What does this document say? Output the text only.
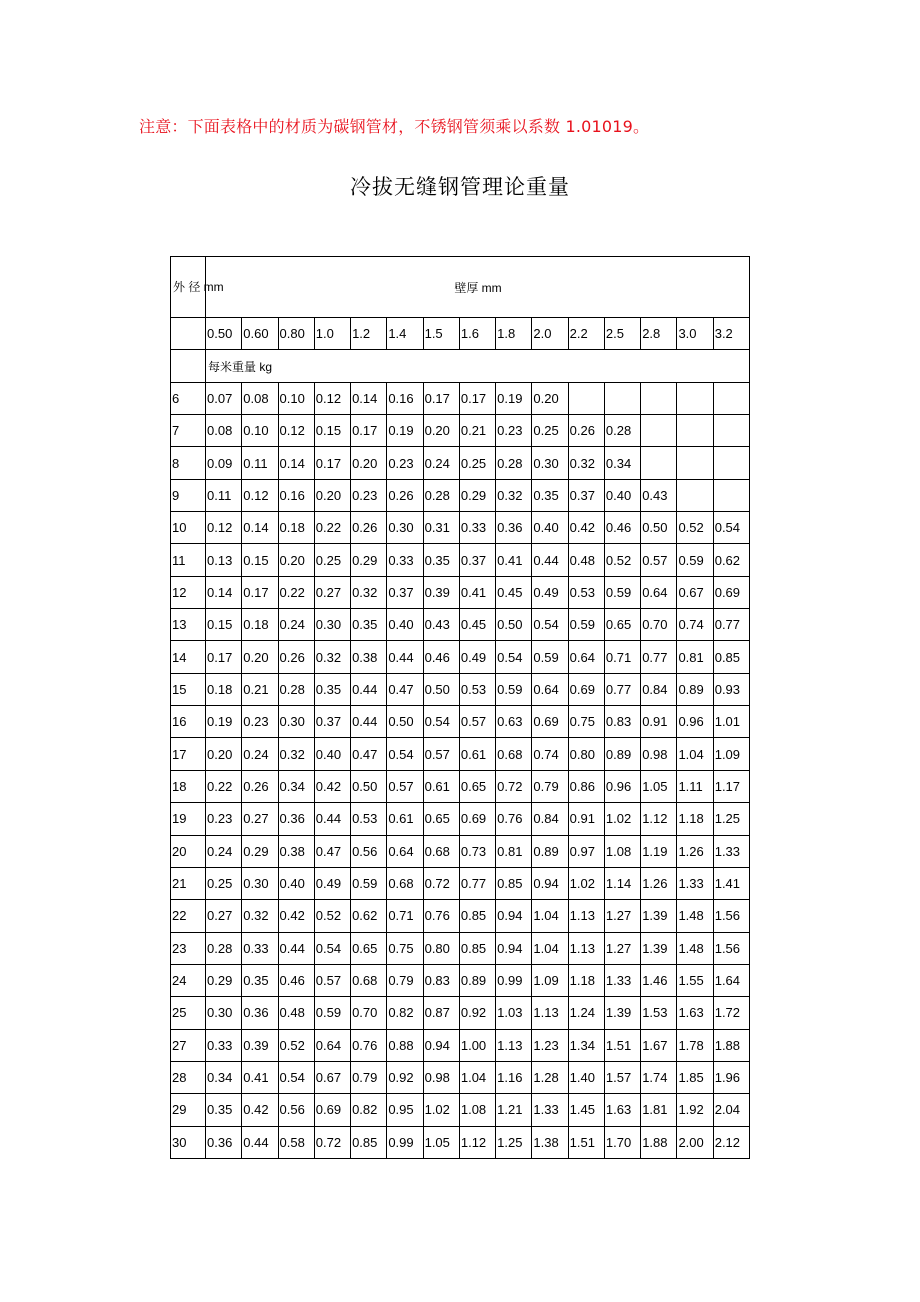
注意：下面表格中的材质为碳钢管材，不锈钢管须乘以系数 1.01019。
冷拔无缝钢管理论重量
外 径 mm	壁厚 mm														
	0.50	0.60	0.80	1.0	1.2	1.4	1.5	1.6	1.8	2.0	2.2	2.5	2.8	3.0	3.2
	每米重量 kg														
6	0.07	0.08	0.10	0.12	0.14	0.16	0.17	0.17	0.19	0.20					
7	0.08	0.10	0.12	0.15	0.17	0.19	0.20	0.21	0.23	0.25	0.26	0.28			
8	0.09	0.11	0.14	0.17	0.20	0.23	0.24	0.25	0.28	0.30	0.32	0.34			
9	0.11	0.12	0.16	0.20	0.23	0.26	0.28	0.29	0.32	0.35	0.37	0.40	0.43		
10	0.12	0.14	0.18	0.22	0.26	0.30	0.31	0.33	0.36	0.40	0.42	0.46	0.50	0.52	0.54
11	0.13	0.15	0.20	0.25	0.29	0.33	0.35	0.37	0.41	0.44	0.48	0.52	0.57	0.59	0.62
12	0.14	0.17	0.22	0.27	0.32	0.37	0.39	0.41	0.45	0.49	0.53	0.59	0.64	0.67	0.69
13	0.15	0.18	0.24	0.30	0.35	0.40	0.43	0.45	0.50	0.54	0.59	0.65	0.70	0.74	0.77
14	0.17	0.20	0.26	0.32	0.38	0.44	0.46	0.49	0.54	0.59	0.64	0.71	0.77	0.81	0.85
15	0.18	0.21	0.28	0.35	0.44	0.47	0.50	0.53	0.59	0.64	0.69	0.77	0.84	0.89	0.93
16	0.19	0.23	0.30	0.37	0.44	0.50	0.54	0.57	0.63	0.69	0.75	0.83	0.91	0.96	1.01
17	0.20	0.24	0.32	0.40	0.47	0.54	0.57	0.61	0.68	0.74	0.80	0.89	0.98	1.04	1.09
18	0.22	0.26	0.34	0.42	0.50	0.57	0.61	0.65	0.72	0.79	0.86	0.96	1.05	1.11	1.17
19	0.23	0.27	0.36	0.44	0.53	0.61	0.65	0.69	0.76	0.84	0.91	1.02	1.12	1.18	1.25
20	0.24	0.29	0.38	0.47	0.56	0.64	0.68	0.73	0.81	0.89	0.97	1.08	1.19	1.26	1.33
21	0.25	0.30	0.40	0.49	0.59	0.68	0.72	0.77	0.85	0.94	1.02	1.14	1.26	1.33	1.41
22	0.27	0.32	0.42	0.52	0.62	0.71	0.76	0.85	0.94	1.04	1.13	1.27	1.39	1.48	1.56
23	0.28	0.33	0.44	0.54	0.65	0.75	0.80	0.85	0.94	1.04	1.13	1.27	1.39	1.48	1.56
24	0.29	0.35	0.46	0.57	0.68	0.79	0.83	0.89	0.99	1.09	1.18	1.33	1.46	1.55	1.64
25	0.30	0.36	0.48	0.59	0.70	0.82	0.87	0.92	1.03	1.13	1.24	1.39	1.53	1.63	1.72
27	0.33	0.39	0.52	0.64	0.76	0.88	0.94	1.00	1.13	1.23	1.34	1.51	1.67	1.78	1.88
28	0.34	0.41	0.54	0.67	0.79	0.92	0.98	1.04	1.16	1.28	1.40	1.57	1.74	1.85	1.96
29	0.35	0.42	0.56	0.69	0.82	0.95	1.02	1.08	1.21	1.33	1.45	1.63	1.81	1.92	2.04
30	0.36	0.44	0.58	0.72	0.85	0.99	1.05	1.12	1.25	1.38	1.51	1.70	1.88	2.00	2.12
